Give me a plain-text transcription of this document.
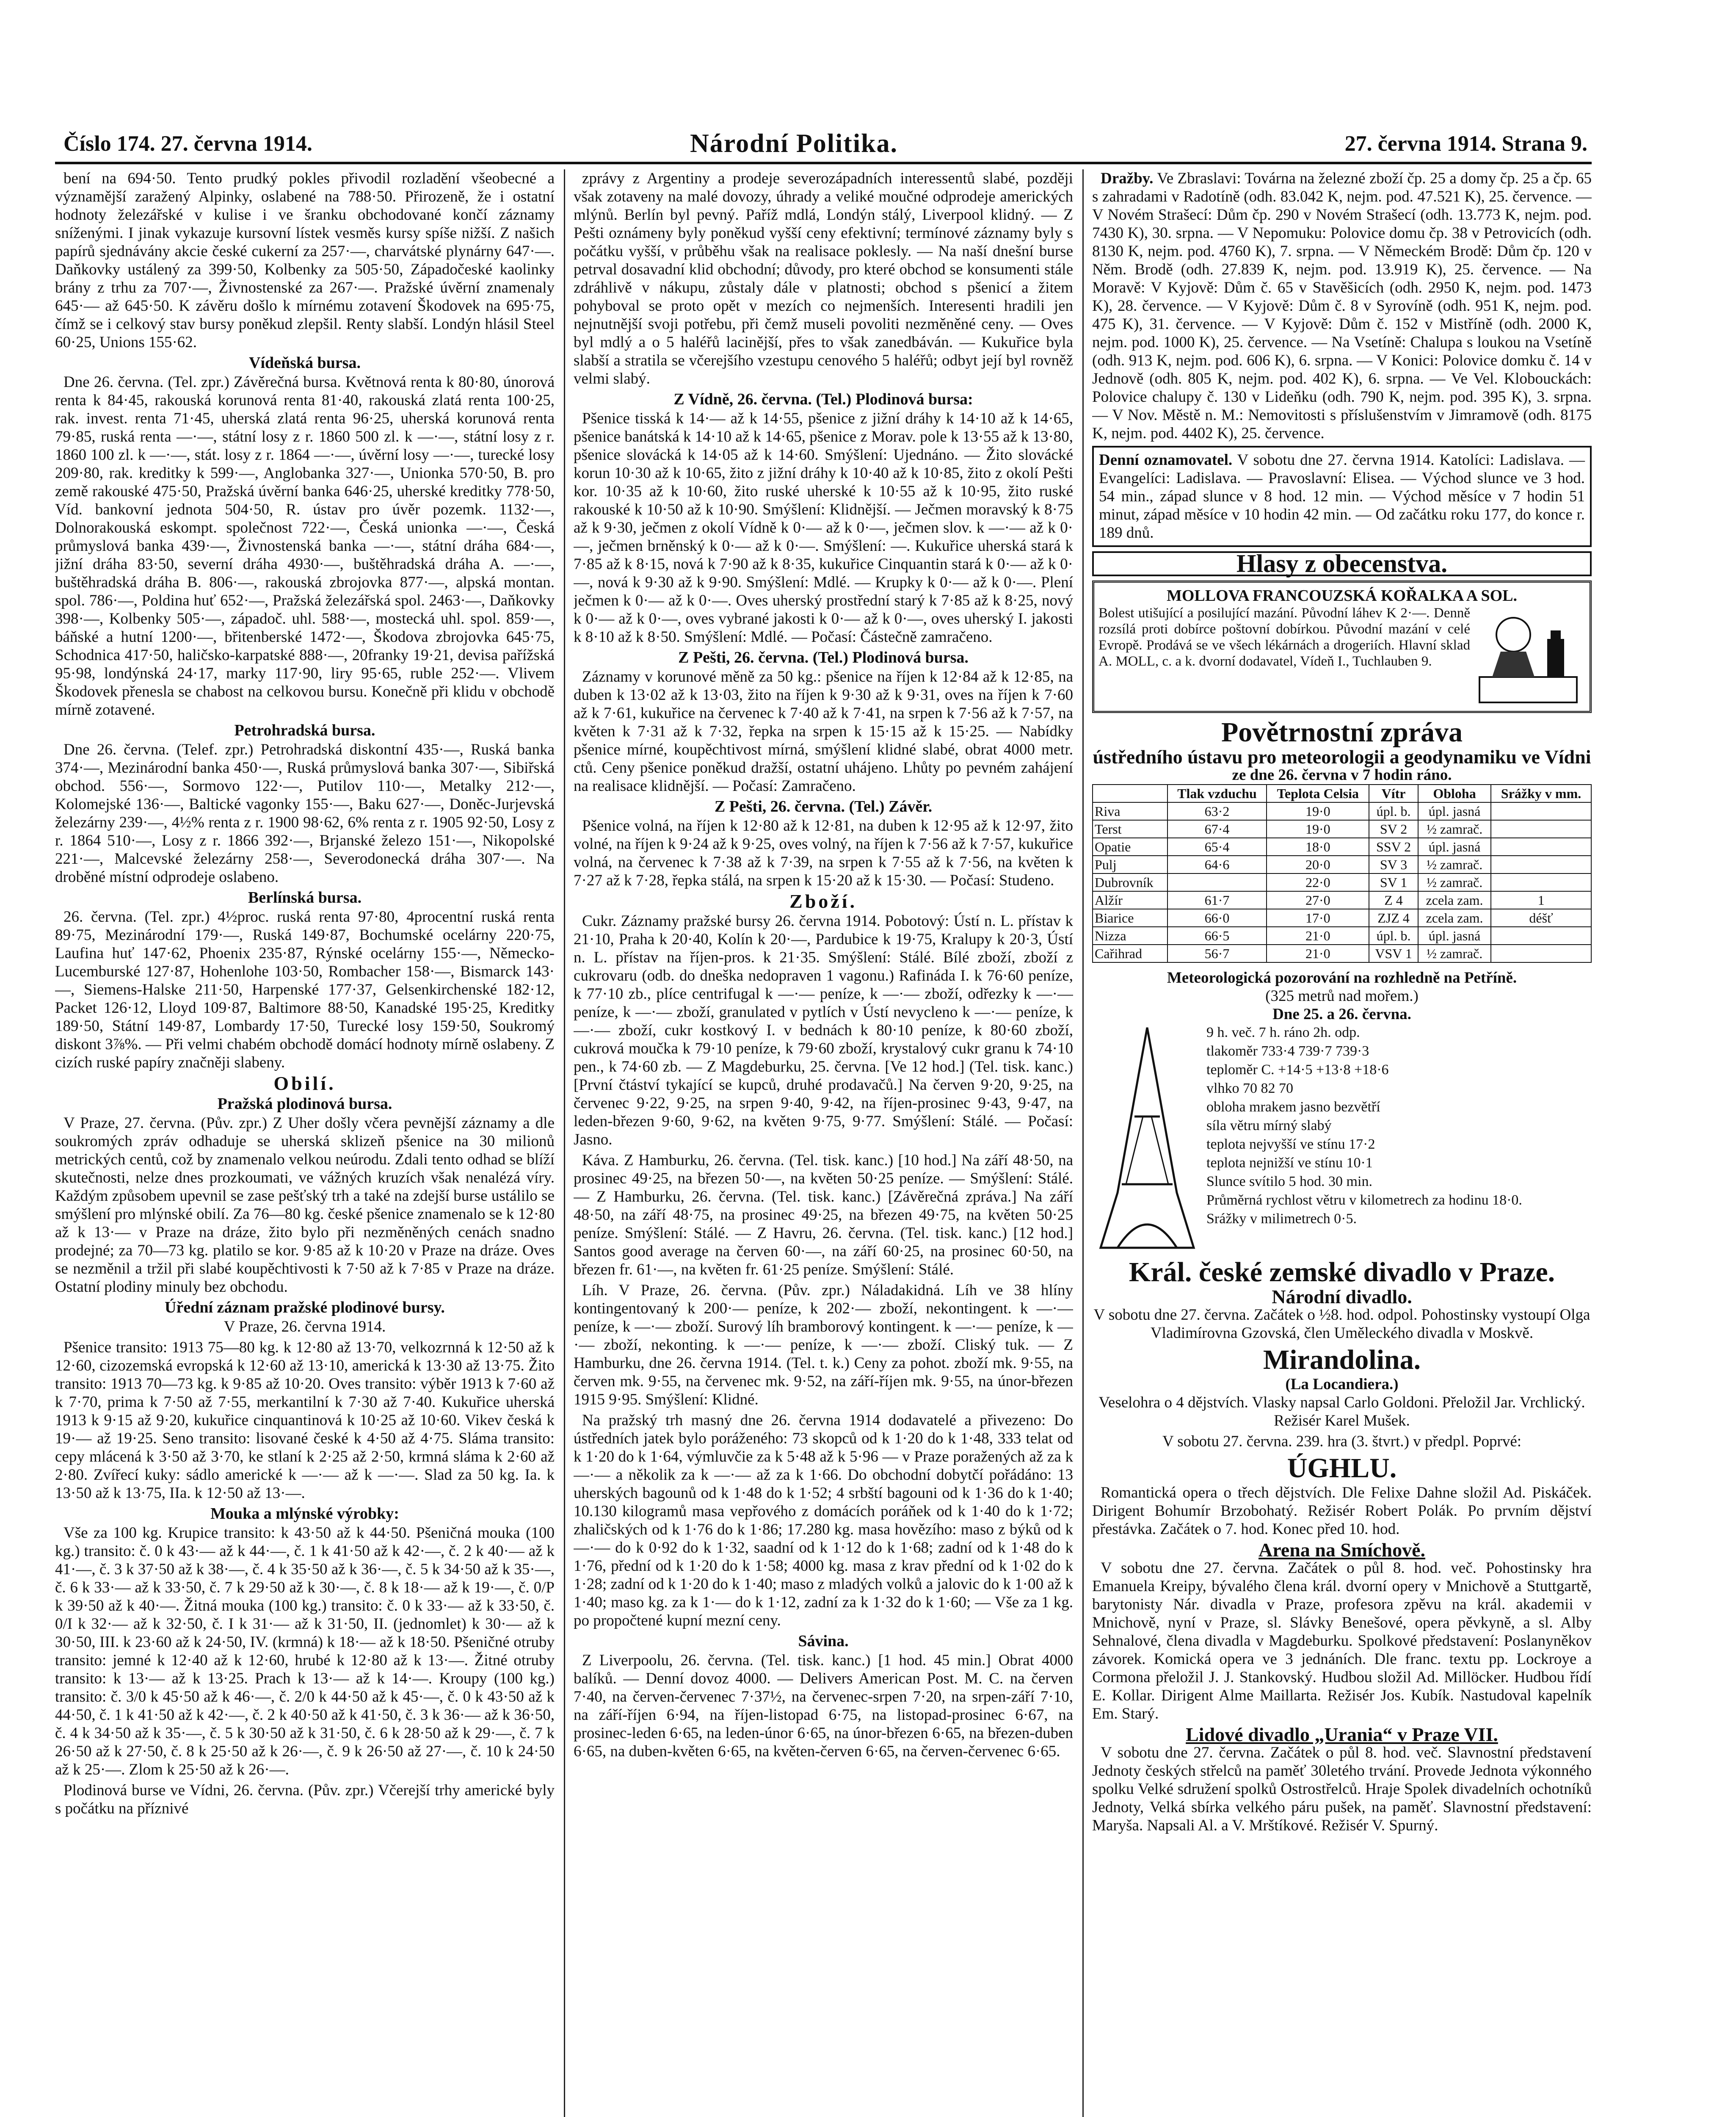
Číslo 174. 27. června 1914.	Národní Politika.	27. června 1914. Strana 9.

bení na 694·50. Tento prudký pokles přivodil rozladění všeobecné a významější zaražený Alpinky, oslabené na 788·50. Přirozeně, že i ostatní hodnoty železářské v kulise i ve šranku obchodované končí záznamy sníženými. I jinak vykazuje kursovní lístek vesměs kursy spíše nižší. Z našich papírů sjednávány akcie české cukerní za 257·—, charvátské plynárny 647·—. Daňkovky ustálený za 399·50, Kolbenky za 505·50, Západočeské kaolinky brány z trhu za 707·—, Živnostenské za 267·—. Pražské úvěrní znamenaly 645·— až 645·50. K závěru došlo k mírnému zotavení Škodovek na 695·75, čímž se i celkový stav bursy poněkud zlepšil. Renty slabší. Londýn hlásil Steel 60·25, Unions 155·62.

Vídeňská bursa.

Dne 26. června. (Tel. zpr.) Závěrečná bursa. Květnová renta k 80·80, únorová renta k 84·45, rakouská korunová renta 81·40, rakouská zlatá renta 100·25, rak. invest. renta 71·45, uherská zlatá renta 96·25, uherská korunová renta 79·85, ruská renta —·—, státní losy z r. 1860 500 zl. k —·—, státní losy z r. 1860 100 zl. k —·—, stát. losy z r. 1864 —·—, úvěrní losy —·—, turecké losy 209·80, rak. kreditky k 599·—, Anglobanka 327·—, Unionka 570·50, B. pro země rakouské 475·50, Pražská úvěrní banka 646·25, uherské kreditky 778·50, Víd. bankovní jednota 504·50, R. ústav pro úvěr pozemk. 1132·—, Dolnorakouská eskompt. společnost 722·—, Česká unionka —·—, Česká průmyslová banka 439·—, Živnostenská banka —·—, státní dráha 684·—, jižní dráha 83·50, severní dráha 4930·—, buštěhradská dráha A. —·—, buštěhradská dráha B. 806·—, rakouská zbrojovka 877·—, alpská montan. spol. 786·—, Poldina huť 652·—, Pražská železářská spol. 2463·—, Daňkovky 398·—, Kolbenky 505·—, západoč. uhl. 588·—, mostecká uhl. spol. 859·—, báňské a hutní 1200·—, břitenberské 1472·—, Škodova zbrojovka 645·75, Schodnica 417·50, haličsko-karpatské 888·—, 20franky 19·21, devisa pařížská 95·98, londýnská 24·17, marky 117·90, liry 95·65, ruble 252·—. Vlivem Škodovek přenesla se chabost na celkovou bursu. Konečně při klidu v obchodě mírně zotavené.

Petrohradská bursa.

Dne 26. června. (Telef. zpr.) Petrohradská diskontní 435·—, Ruská banka 374·—, Mezinárodní banka 450·—, Ruská průmyslová banka 307·—, Sibiřská obchod. 556·—, Sormovo 122·—, Putilov 110·—, Metalky 212·—, Kolomejské 136·—, Baltické vagonky 155·—, Baku 627·—, Doněc-Jurjevská železárny 239·—, 4½% renta z r. 1900 98·62, 6% renta z r. 1905 92·50, Losy z r. 1864 510·—, Losy z r. 1866 392·—, Brjanské železo 151·—, Nikopolské 221·—, Malcevské železárny 258·—, Severodonecká dráha 307·—. Na droběné místní odprodeje oslabeno.

Berlínská bursa.

26. června. (Tel. zpr.) 4½proc. ruská renta 97·80, 4procentní ruská renta 89·75, Mezinárodní 179·—, Ruská 149·87, Bochumské ocelárny 220·75, Laufina huť 147·62, Phoenix 235·87, Rýnské ocelárny 155·—, Německo-Lucemburské 127·87, Hohenlohe 103·50, Rombacher 158·—, Bismarck 143·—, Siemens-Halske 211·50, Harpenské 177·37, Gelsenkirchenské 182·12, Packet 126·12, Lloyd 109·87, Baltimore 88·50, Kanadské 195·25, Kreditky 189·50, Státní 149·87, Lombardy 17·50, Turecké losy 159·50, Soukromý diskont 3⅞%. — Při velmi chabém obchodě domácí hodnoty mírně oslabeny. Z cizích ruské papíry značněji slabeny.

Obilí.
Pražská plodinová bursa.

V Praze, 27. června. (Pův. zpr.) Z Uher došly včera pevnější záznamy a dle soukromých zpráv odhaduje se uherská sklizeň pšenice na 30 milionů metrických centů, což by znamenalo velkou neúrodu. Zdali tento odhad se blíží skutečnosti, nelze dnes prozkoumati, ve vážných kruzích však nenalézá víry. Každým způsobem upevnil se zase pešťský trh a také na zdejší burse ustálilo se smýšlení pro mlýnské obilí. Za 76—80 kg. české pšenice znamenalo se k 12·80 až k 13·— v Praze na dráze, žito bylo při nezměněných cenách snadno prodejné; za 70—73 kg. platilo se kor. 9·85 až k 10·20 v Praze na dráze. Oves se nezměnil a tržil při slabé koupěchtivosti k 7·50 až k 7·85 v Praze na dráze. Ostatní plodiny minuly bez obchodu.

Úřední záznam pražské plodinové bursy.

V Praze, 26. června 1914.

Pšenice transito: 1913 75—80 kg. k 12·80 až 13·70, velkozrnná k 12·50 až k 12·60, cizozemská evropská k 12·60 až 13·10, americká k 13·30 až 13·75. Žito transito: 1913 70—73 kg. k 9·85 až 10·20. Oves transito: výběr 1913 k 7·60 až k 7·70, prima k 7·50 až 7·55, merkantilní k 7·30 až 7·40. Kukuřice uherská 1913 k 9·15 až 9·20, kukuřice cinquantinová k 10·25 až 10·60. Vikev česká k 19·— až 19·25. Seno transito: lisované české k 4·50 až 4·75. Sláma transito: cepy mlácená k 3·50 až 3·70, ke stlaní k 2·25 až 2·50, krmná sláma k 2·60 až 2·80. Zvířecí kuky: sádlo americké k —·— až k —·—. Slad za 50 kg. Ia. k 13·50 až k 13·75, IIa. k 12·50 až 13·—.

Mouka a mlýnské výrobky:

Vše za 100 kg. Krupice transito: k 43·50 až k 44·50. Pšeničná mouka (100 kg.) transito: č. 0 k 43·— až k 44·—, č. 1 k 41·50 až k 42·—, č. 2 k 40·— až k 41·—, č. 3 k 37·50 až k 38·—, č. 4 k 35·50 až k 36·—, č. 5 k 34·50 až k 35·—, č. 6 k 33·— až k 33·50, č. 7 k 29·50 až k 30·—, č. 8 k 18·— až k 19·—, č. 0/P k 39·50 až k 40·—. Žitná mouka (100 kg.) transito: č. 0 k 33·— až k 33·50, č. 0/I k 32·— až k 32·50, č. I k 31·— až k 31·50, II. (jednomlet) k 30·— až k 30·50, III. k 23·60 až k 24·50, IV. (krmná) k 18·— až k 18·50. Pšeničné otruby transito: jemné k 12·40 až k 12·60, hrubé k 12·80 až k 13·—. Žitné otruby transito: k 13·— až k 13·25. Prach k 13·— až k 14·—. Kroupy (100 kg.) transito: č. 3/0 k 45·50 až k 46·—, č. 2/0 k 44·50 až k 45·—, č. 0 k 43·50 až k 44·50, č. 1 k 41·50 až k 42·—, č. 2 k 40·50 až k 41·50, č. 3 k 36·— až k 36·50, č. 4 k 34·50 až k 35·—, č. 5 k 30·50 až k 31·50, č. 6 k 28·50 až k 29·—, č. 7 k 26·50 až k 27·50, č. 8 k 25·50 až k 26·—, č. 9 k 26·50 až 27·—, č. 10 k 24·50 až k 25·—. Zlom k 25·50 až k 26·—.

Plodinová burse ve Vídni, 26. června. (Pův. zpr.) Včerejší trhy americké byly s počátku na příznivé

zprávy z Argentiny a prodeje severozápadních interessentů slabé, později však zotaveny na malé dovozy, úhrady a veliké moučné odprodeje amerických mlýnů. Berlín byl pevný. Paříž mdlá, Londýn stálý, Liverpool klidný. — Z Pešti oznámeny byly poněkud vyšší ceny efektivní; termínové záznamy byly s počátku vyšší, v průběhu však na realisace poklesly. — Na naší dnešní burse petrval dosavadní klid obchodní; důvody, pro které obchod se konsumenti stále zdráhlivě v nákupu, zůstaly dále v platnosti; obchod s pšenicí a žitem pohyboval se proto opět v mezích co nejmenších. Interesenti hradili jen nejnutnější svoji potřebu, při čemž museli povoliti nezměněné ceny. — Oves byl mdlý a o 5 haléřů lacinější, přes to však zanedbáván. — Kukuřice byla slabší a stratila se včerejšího vzestupu cenového 5 haléřů; odbyt její byl rovněž velmi slabý.

Z Vídně, 26. června. (Tel.) Plodinová bursa:

Pšenice tisská k 14·— až k 14·55, pšenice z jižní dráhy k 14·10 až k 14·65, pšenice banátská k 14·10 až k 14·65, pšenice z Morav. pole k 13·55 až k 13·80, pšenice slovácká k 14·05 až k 14·60. Smýšlení: Ujednáno. — Žito slovácké korun 10·30 až k 10·65, žito z jižní dráhy k 10·40 až k 10·85, žito z okolí Pešti kor. 10·35 až k 10·60, žito ruské uherské k 10·55 až k 10·95, žito ruské rakouské k 10·50 až k 10·90. Smýšlení: Klidnější. — Ječmen moravský k 8·75 až k 9·30, ječmen z okolí Vídně k 0·— až k 0·—, ječmen slov. k —·— až k 0·—, ječmen brněnský k 0·— až k 0·—. Smýšlení: —. Kukuřice uherská stará k 7·85 až k 8·15, nová k 7·90 až k 8·35, kukuřice Cinquantin stará k 0·— až k 0·—, nová k 9·30 až k 9·90. Smýšlení: Mdlé. — Krupky k 0·— až k 0·—. Plení ječmen k 0·— až k 0·—. Oves uherský prostřední starý k 7·85 až k 8·25, nový k 0·— až k 0·—, oves vybrané jakosti k 0·— až k 0·—, oves uherský I. jakosti k 8·10 až k 8·50. Smýšlení: Mdlé. — Počasí: Částečně zamračeno.

Z Pešti, 26. června. (Tel.) Plodinová bursa.

Záznamy v korunové měně za 50 kg.: pšenice na říjen k 12·84 až k 12·85, na duben k 13·02 až k 13·03, žito na říjen k 9·30 až k 9·31, oves na říjen k 7·60 až k 7·61, kukuřice na červenec k 7·40 až k 7·41, na srpen k 7·56 až k 7·57, na květen k 7·31 až k 7·32, řepka na srpen k 15·15 až k 15·25. — Nabídky pšenice mírné, koupěchtivost mírná, smýšlení klidné slabé, obrat 4000 metr. ctů. Ceny pšenice poněkud dražší, ostatní uhájeno. Lhůty po pevném zahájení na realisace klidnější. — Počasí: Zamračeno.

Z Pešti, 26. června. (Tel.) Závěr.

Pšenice volná, na říjen k 12·80 až k 12·81, na duben k 12·95 až k 12·97, žito volné, na říjen k 9·24 až k 9·25, oves volný, na říjen k 7·56 až k 7·57, kukuřice volná, na červenec k 7·38 až k 7·39, na srpen k 7·55 až k 7·56, na květen k 7·27 až k 7·28, řepka stálá, na srpen k 15·20 až k 15·30. — Počasí: Studeno.

Zboží.

Cukr. Záznamy pražské bursy 26. června 1914. Pobotový: Ústí n. L. přístav k 21·10, Praha k 20·40, Kolín k 20·—, Pardubice k 19·75, Kralupy k 20·3, Ústí n. L. přístav na říjen-pros. k 21·35. Smýšlení: Stálé. Bílé zboží, zboží z cukrovaru (odb. do dneška nedopraven 1 vagonu.) Rafináda I. k 76·60 peníze, k 77·10 zb., plíce centrifugal k —·— peníze, k —·— zboží, odřezky k —·— peníze, k —·— zboží, granulated v pytlích v Ústí nevycleno k —·— peníze, k —·— zboží, cukr kostkový I. v bednách k 80·10 peníze, k 80·60 zboží, cukrová moučka k 79·10 peníze, k 79·60 zboží, krystalový cukr granu k 74·10 pen., k 74·60 zb. — Z Magdeburku, 25. června. [Ve 12 hod.] (Tel. tisk. kanc.) [První čtáství tykající se kupců, druhé prodavačů.] Na červen 9·20, 9·25, na červenec 9·22, 9·25, na srpen 9·40, 9·42, na říjen-prosinec 9·43, 9·47, na leden-březen 9·60, 9·62, na květen 9·75, 9·77. Smýšlení: Stálé. — Počasí: Jasno.

Káva. Z Hamburku, 26. června. (Tel. tisk. kanc.) [10 hod.] Na září 48·50, na prosinec 49·25, na březen 50·—, na květen 50·25 peníze. — Smýšlení: Stálé. — Z Hamburku, 26. června. (Tel. tisk. kanc.) [Závěrečná zpráva.] Na září 48·50, na září 48·75, na prosinec 49·25, na březen 49·75, na květen 50·25 peníze. Smýšlení: Stálé. — Z Havru, 26. června. (Tel. tisk. kanc.) [12 hod.] Santos good average na červen 60·—, na září 60·25, na prosinec 60·50, na březen fr. 61·—, na květen fr. 61·25 peníze. Smýšlení: Stálé.

Líh. V Praze, 26. června. (Pův. zpr.) Náladakidná. Líh ve 38 hlíny kontingentovaný k 200·— peníze, k 202·— zboží, nekontingent. k —·— peníze, k —·— zboží. Surový líh bramborový kontingent. k —·— peníze, k —·— zboží, nekonting. k —·— peníze, k —·— zboží. Cliský tuk. — Z Hamburku, dne 26. června 1914. (Tel. t. k.) Ceny za pohot. zboží mk. 9·55, na červen mk. 9·55, na červenec mk. 9·52, na září-říjen mk. 9·55, na únor-březen 1915 9·95. Smýšlení: Klidné.

Na pražský trh masný dne 26. června 1914 dodavatelé a přivezeno: Do ústředních jatek bylo poráženého: 73 skopců od k 1·20 do k 1·48, 333 telat od k 1·20 do k 1·64, výmluvčie za k 5·48 až k 5·96 — v Praze poražených až za k —·— a několik za k —·— až za k 1·66. Do obchodní dobytčí pořádáno: 13 uherských bagounů od k 1·48 do k 1·52; 4 srbští bagouni od k 1·36 do k 1·40; 10.130 kilogramů masa vepřového z domácích poráňek od k 1·40 do k 1·72; zhaličských od k 1·76 do k 1·86; 17.280 kg. masa hovězího: maso z býků od k —·— do k 0·92 do k 1·32, saadní od k 1·12 do k 1·68; zadní od k 1·48 do k 1·76, přední od k 1·20 do k 1·58; 4000 kg. masa z krav přední od k 1·02 do k 1·28; zadní od k 1·20 do k 1·40; maso z mladých volků a jalovic do k 1·00 až k 1·40; maso kg. za k 1·— do k 1·12, zadní za k 1·32 do k 1·60; — Vše za 1 kg. po propočtené kupní mezní ceny.

Sávina.

Z Liverpoolu, 26. června. (Tel. tisk. kanc.) [1 hod. 45 min.] Obrat 4000 balíků. — Denní dovoz 4000. — Delivers American Post. M. C. na červen 7·40, na červen-červenec 7·37½, na červenec-srpen 7·20, na srpen-září 7·10, na září-říjen 6·94, na říjen-listopad 6·75, na listopad-prosinec 6·67, na prosinec-leden 6·65, na leden-únor 6·65, na únor-březen 6·65, na březen-duben 6·65, na duben-květen 6·65, na květen-červen 6·65, na červen-červenec 6·65.

Dražby. Ve Zbraslavi: Továrna na železné zboží čp. 25 a domy čp. 25 a čp. 65 s zahradami v Radotíně (odh. 83.042 K, nejm. pod. 47.521 K), 25. července. — V Novém Strašecí: Dům čp. 290 v Novém Strašecí (odh. 13.773 K, nejm. pod. 7430 K), 30. srpna. — V Nepomuku: Polovice domu čp. 38 v Petrovicích (odh. 8130 K, nejm. pod. 4760 K), 7. srpna. — V Německém Brodě: Dům čp. 120 v Něm. Brodě (odh. 27.839 K, nejm. pod. 13.919 K), 25. července. — Na Moravě: V Kyjově: Dům č. 65 v Stavěšicích (odh. 2950 K, nejm. pod. 1473 K), 28. července. — V Kyjově: Dům č. 8 v Syrovíně (odh. 951 K, nejm. pod. 475 K), 31. července. — V Kyjově: Dům č. 152 v Mistříně (odh. 2000 K, nejm. pod. 1000 K), 25. července. — Na Vsetíně: Chalupa s loukou na Vsetíně (odh. 913 K, nejm. pod. 606 K), 6. srpna. — V Konici: Polovice domku č. 14 v Jednově (odh. 805 K, nejm. pod. 402 K), 6. srpna. — Ve Vel. Klobouckách: Polovice chalupy č. 130 v Lideňku (odh. 790 K, nejm. pod. 395 K), 3. srpna. — V Nov. Městě n. M.: Nemovitosti s příslušenstvím v Jimramově (odh. 8175 K, nejm. pod. 4402 K), 25. července.

Denní oznamovatel. V sobotu dne 27. června 1914. Katolíci: Ladislava. — Evangelíci: Ladislava. — Pravoslavní: Elisea. — Východ slunce ve 3 hod. 54 min., západ slunce v 8 hod. 12 min. — Východ měsíce v 7 hodin 51 minut, západ měsíce v 10 hodin 42 min. — Od začátku roku 177, do konce r. 189 dnů.
Hlasy z obecenstva.
MOLLOVA FRANCOUZSKÁ KOŘALKA A SOL.
Bolest utišující a posilující mazání. Původní láhev K 2·—. Denně rozsílá proti dobírce poštovní dobírkou. Původní mazání v celé Evropě. Prodává se ve všech lékárnách a drogeriích. Hlavní sklad A. MOLL, c. a k. dvorní dodavatel, Vídeň I., Tuchlauben 9.
Povětrnostní zpráva
ústředního ústavu pro meteorologii a geodynamiku ve Vídni
ze dne 26. června v 7 hodin ráno.
	Tlak vzduchu	Teplota Celsia	Vítr	Obloha	Srážky v mm.
Riva	63·2	19·0	úpl. b.	úpl. jasná	
Terst	67·4	19·0	SV 2	½ zamrač.	
Opatie	65·4	18·0	SSV 2	úpl. jasná	
Pulj	64·6	20·0	SV 3	½ zamrač.	
Dubrovník		22·0	SV 1	½ zamrač.	
Alžír	61·7	27·0	Z 4	zcela zam.	1
Biarice	66·0	17·0	ZJZ 4	zcela zam.	déšť
Nizza	66·5	21·0	úpl. b.	úpl. jasná	
Cařihrad	56·7	21·0	VSV 1	½ zamrač.	
Meteorologická pozorování na rozhledně na Petříně.
(325 metrů nad mořem.)
Dne 25. a 26. června.
9 h. več. 7 h. ráno 2h. odp.
tlakoměr 733·4 739·7 739·3
teploměr C. +14·5 +13·8 +18·6
vlhko 70 82 70
obloha mrakem jasno bezvětří
síla větru mírný slabý
teplota nejvyšší ve stínu 17·2
teplota nejnižší ve stínu 10·1
Slunce svítilo 5 hod. 30 min.
Průměrná rychlost větru v kilometrech za hodinu 18·0.
Srážky v milimetrech 0·5.
Král. české zemské divadlo v Praze.
Národní divadlo.

V sobotu dne 27. června. Začátek o ½8. hod. odpol. Pohostinsky vystoupí Olga Vladimírovna Gzovská, člen Uměleckého divadla v Moskvě.

Mirandolina.
(La Locandiera.)

Veselohra o 4 dějstvích. Vlasky napsal Carlo Goldoni. Přeložil Jar. Vrchlický. Režisér Karel Mušek.

V sobotu 27. června. 239. hra (3. štvrt.) v předpl. Poprvé:

ÚGHLU.

Romantická opera o třech dějstvích. Dle Felixe Dahne složil Ad. Piskáček. Dirigent Bohumír Brzobohatý. Režisér Robert Polák. Po prvním dějství přestávka. Začátek o 7. hod. Konec před 10. hod.

Arena na Smíchově.

V sobotu dne 27. června. Začátek o půl 8. hod. več. Pohostinsky hra Emanuela Kreipy, bývalého člena král. dvorní opery v Mnichově a Stuttgartě, barytonisty Nár. divadla v Praze, profesora zpěvu na král. akademii v Mnichově, nyní v Praze, sl. Slávky Benešové, opera pěvkyně, a sl. Alby Sehnalové, člena divadla v Magdeburku. Spolkové představení: Poslanyněkov závorek. Komická opera ve 3 jednáních. Dle franc. textu pp. Lockroye a Cormona přeložil J. J. Stankovský. Hudbou složil Ad. Millöcker. Hudbou řídí E. Kollar. Dirigent Alme Maillarta. Režisér Jos. Kubík. Nastudoval kapelník Em. Starý.

Lidové divadlo „Urania“ v Praze VII.

V sobotu dne 27. června. Začátek o půl 8. hod. več. Slavnostní představení Jednoty českých střelců na paměť 30letého trvání. Provede Jednota výkonného spolku Velké sdružení spolků Ostrostřelců. Hraje Spolek divadelních ochotníků Jednoty, Velká sbírka velkého páru pušek, na paměť. Slavnostní představení: Maryša. Napsali Al. a V. Mrštíkové. Režisér V. Spurný.
